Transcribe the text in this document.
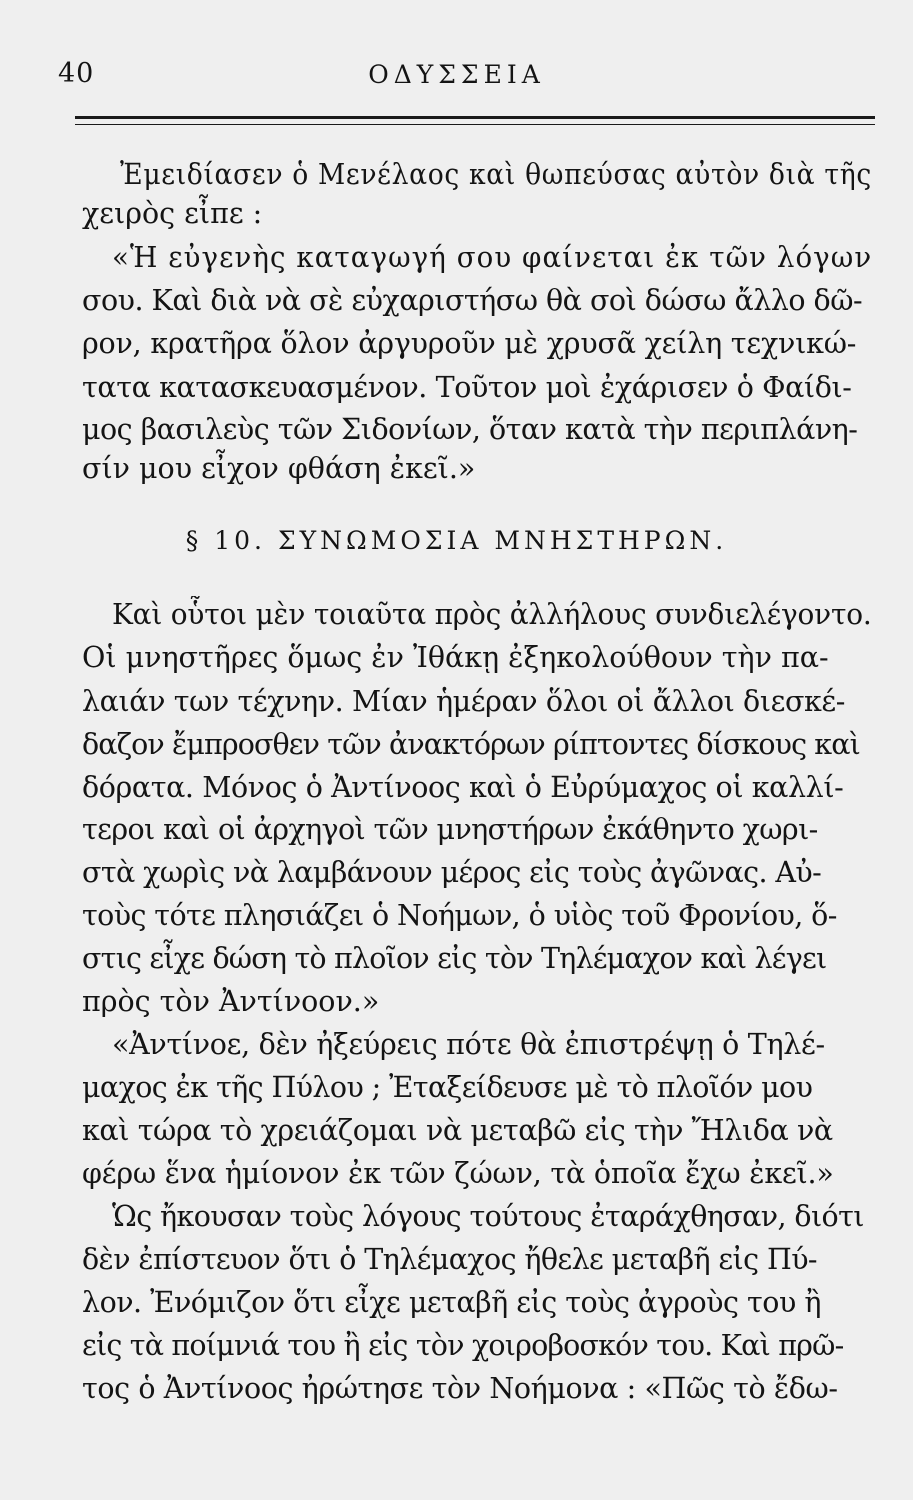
40	ΟΔΥΣΣΕΙΑ

Ἐμειδίασεν ὁ Μενέλαος καὶ θωπεύσας αὐτὸν διὰ τῆς

χειρὸς εἶπε :

«Ἡ εὐγενὴς καταγωγή σου φαίνεται ἐκ τῶν λόγων

σου. Καὶ διὰ νὰ σὲ εὐχαριστήσω θὰ σοὶ δώσω ἄλλο δῶ-

ρον, κρατῆρα ὅλον ἀργυροῦν μὲ χρυσᾶ χείλη τεχνικώ-

τατα κατασκευασμένον. Τοῦτον μοὶ ἐχάρισεν ὁ Φαίδι-

μος βασιλεὺς τῶν Σιδονίων, ὅταν κατὰ τὴν περιπλάνη-

σίν μου εἶχον φθάση ἐκεῖ.»

§ 10. ΣΥΝΩΜΟΣΙΑ ΜΝΗΣΤΗΡΩΝ.

Καὶ οὗτοι μὲν τοιαῦτα πρὸς ἀλλήλους συνδιελέγοντο.

Οἱ μνηστῆρες ὅμως ἐν Ἰθάκῃ ἐξηκολούθουν τὴν πα-

λαιάν των τέχνην. Μίαν ἡμέραν ὅλοι οἱ ἄλλοι διεσκέ-

δαζον ἔμπροσθεν τῶν ἀνακτόρων ρίπτοντες δίσκους καὶ

δόρατα. Μόνος ὁ Ἀντίνοος καὶ ὁ Εὐρύμαχος οἱ καλλί-

τεροι καὶ οἱ ἀρχηγοὶ τῶν μνηστήρων ἐκάθηντο χωρι-

στὰ χωρὶς νὰ λαμβάνουν μέρος εἰς τοὺς ἀγῶνας. Αὐ-

τοὺς τότε πλησιάζει ὁ Νοήμων, ὁ υἱὸς τοῦ Φρονίου, ὅ-

στις εἶχε δώση τὸ πλοῖον εἰς τὸν Τηλέμαχον καὶ λέγει

πρὸς τὸν Ἀντίνοον.»

«Ἀντίνοε, δὲν ἠξεύρεις πότε θὰ ἐπιστρέψῃ ὁ Τηλέ-

μαχος ἐκ τῆς Πύλου ; Ἐταξείδευσε μὲ τὸ πλοῖόν μου

καὶ τώρα τὸ χρειάζομαι νὰ μεταβῶ εἰς τὴν Ἤλιδα νὰ

φέρω ἕνα ἡμίονον ἐκ τῶν ζώων, τὰ ὁποῖα ἔχω ἐκεῖ.»

Ὡς ἤκουσαν τοὺς λόγους τούτους ἐταράχθησαν, διότι

δὲν ἐπίστευον ὅτι ὁ Τηλέμαχος ἤθελε μεταβῆ εἰς Πύ-

λον. Ἐνόμιζον ὅτι εἶχε μεταβῆ εἰς τοὺς ἀγροὺς του ἢ

εἰς τὰ ποίμνιά του ἢ εἰς τὸν χοιροβοσκόν του. Καὶ πρῶ-

τος ὁ Ἀντίνοος ἠρώτησε τὸν Νοήμονα : «Πῶς τὸ ἔδω-
